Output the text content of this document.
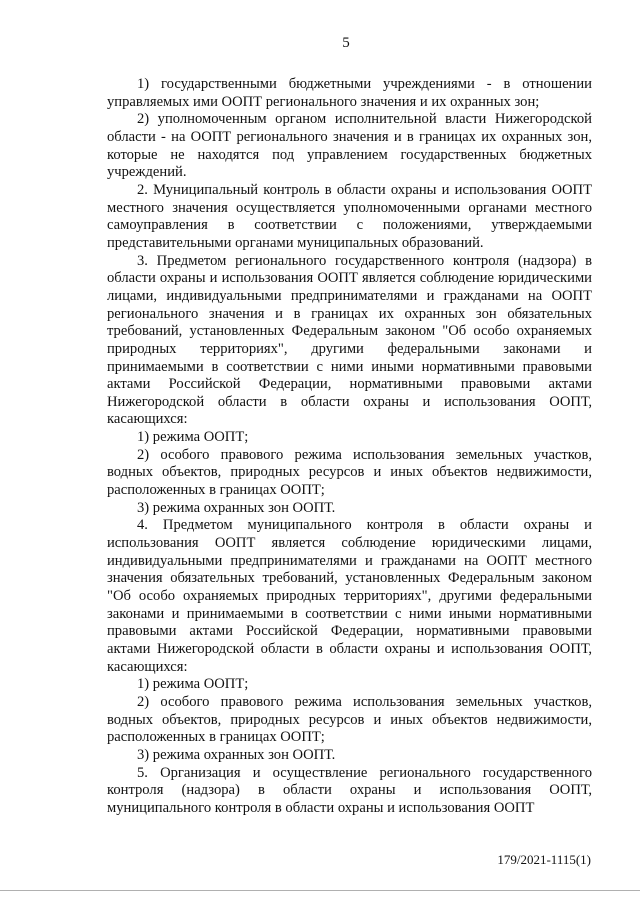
5

1) государственными бюджетными учреждениями - в отношении управляемых ими ООПТ регионального значения и их охранных зон;

2) уполномоченным органом исполнительной власти Нижегородской области - на ООПТ регионального значения и в границах их охранных зон, которые не находятся под управлением государственных бюджетных учреждений.

2. Муниципальный контроль в области охраны и использования ООПТ местного значения осуществляется уполномоченными органами местного самоуправления в соответствии с положениями, утверждаемыми представительными органами муниципальных образований.

3. Предметом регионального государственного контроля (надзора) в области охраны и использования ООПТ является соблюдение юридическими лицами, индивидуальными предпринимателями и гражданами на ООПТ регионального значения и в границах их охранных зон обязательных требований, установленных Федеральным законом "Об особо охраняемых природных территориях", другими федеральными законами и принимаемыми в соответствии с ними иными нормативными правовыми актами Российской Федерации, нормативными правовыми актами Нижегородской области в области охраны и использования ООПТ, касающихся:

1) режима ООПТ;

2) особого правового режима использования земельных участков, водных объектов, природных ресурсов и иных объектов недвижимости, расположенных в границах ООПТ;

3) режима охранных зон ООПТ.

4. Предметом муниципального контроля в области охраны и использования ООПТ является соблюдение юридическими лицами, индивидуальными предпринимателями и гражданами на ООПТ местного значения обязательных требований, установленных Федеральным законом "Об особо охраняемых природных территориях", другими федеральными законами и принимаемыми в соответствии с ними иными нормативными правовыми актами Российской Федерации, нормативными правовыми актами Нижегородской области в области охраны и использования ООПТ, касающихся:

1) режима ООПТ;

2) особого правового режима использования земельных участков, водных объектов, природных ресурсов и иных объектов недвижимости, расположенных в границах ООПТ;

3) режима охранных зон ООПТ.

5. Организация и осуществление регионального государственного контроля (надзора) в области охраны и использования ООПТ, муниципального контроля в области охраны и использования ООПТ

179/2021-1115(1)
